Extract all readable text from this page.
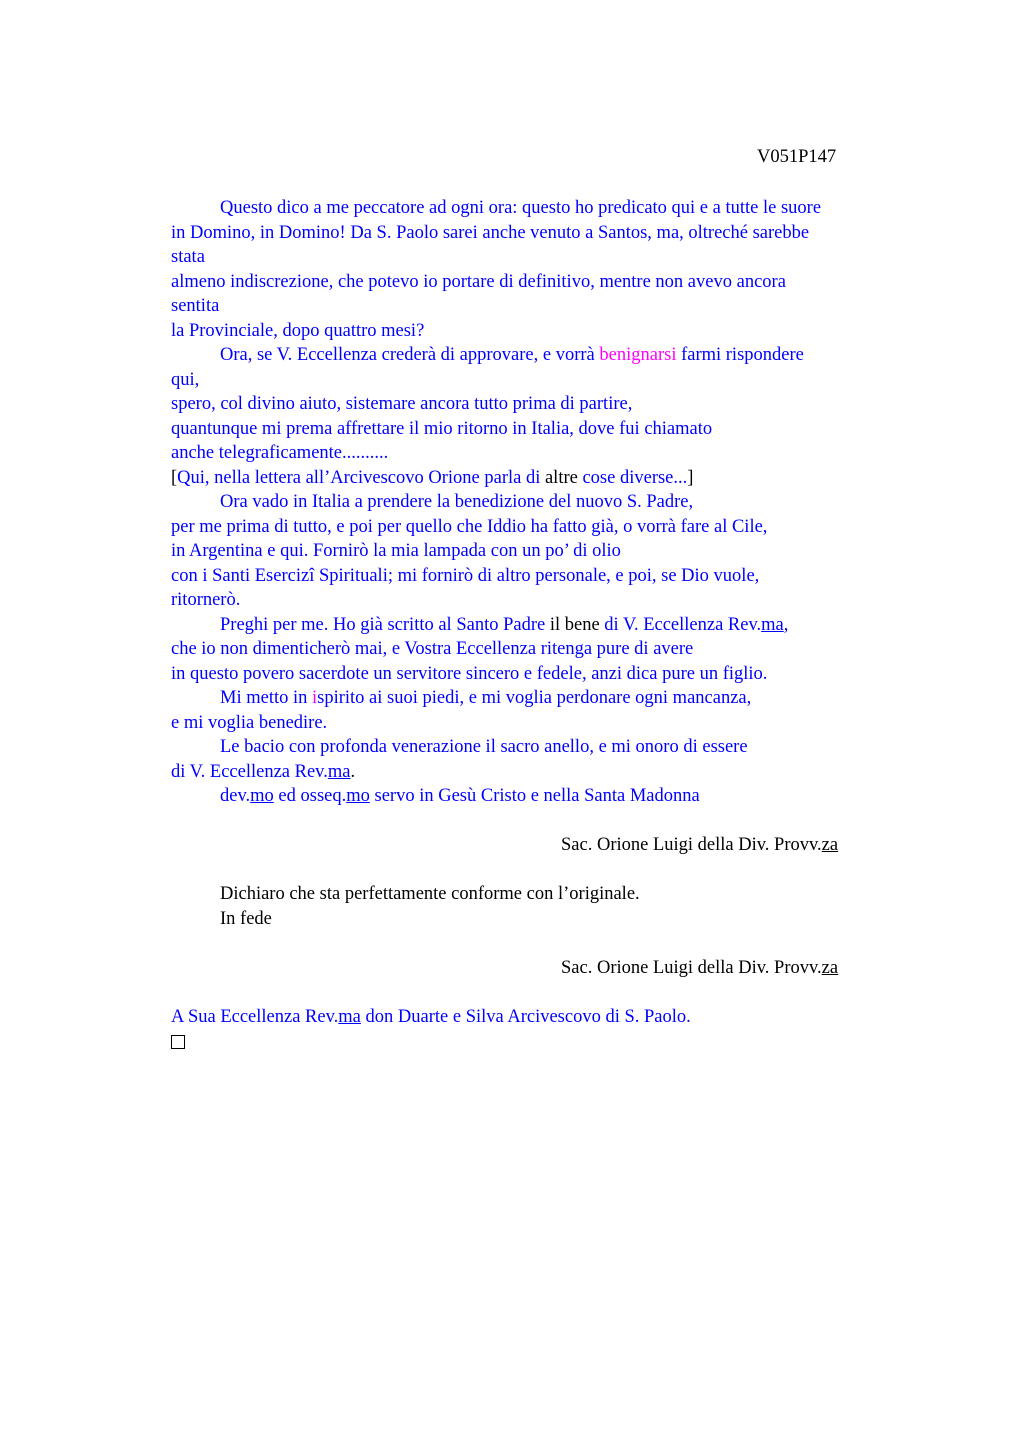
V051P147
Questo dico a me peccatore ad ogni ora: questo ho predicato qui e a tutte le suore
in Domino, in Domino! Da S. Paolo sarei anche venuto a Santos, ma, oltreché sarebbe
stata
almeno indiscrezione, che potevo io portare di definitivo, mentre non avevo ancora
sentita
la Provinciale, dopo quattro mesi?
Ora, se V. Eccellenza crederà di approvare, e vorrà benignarsi farmi rispondere
qui,
spero, col divino aiuto, sistemare ancora tutto prima di partire,
quantunque mi prema affrettare il mio ritorno in Italia, dove fui chiamato
anche telegraficamente..........
[Qui, nella lettera all’Arcivescovo Orione parla di altre cose diverse...]
Ora vado in Italia a prendere la benedizione del nuovo S. Padre,
per me prima di tutto, e poi per quello che Iddio ha fatto già, o vorrà fare al Cile,
in Argentina e qui. Fornirò la mia lampada con un po’ di olio
con i Santi Esercizi Spirituali; mi fornirò di altro personale, e poi, se Dio vuole,
ritornerò.
Preghi per me. Ho già scritto al Santo Padre il bene di V. Eccellenza Rev.ma,
che io non dimenticherò mai, e Vostra Eccellenza ritenga pure di avere
in questo povero sacerdote un servitore sincero e fedele, anzi dica pure un figlio.
Mi metto in ispirito ai suoi piedi, e mi voglia perdonare ogni mancanza,
e mi voglia benedire.
Le bacio con profonda venerazione il sacro anello, e mi onoro di essere
di V. Eccellenza Rev.ma.
dev.mo ed osseq.mo servo in Gesù Cristo e nella Santa Madonna
Sac. Orione Luigi della Div. Provv.za
Dichiaro che sta perfettamente conforme con l’originale.
In fede
Sac. Orione Luigi della Div. Provv.za
A Sua Eccellenza Rev.ma don Duarte e Silva Arcivescovo di S. Paolo.
